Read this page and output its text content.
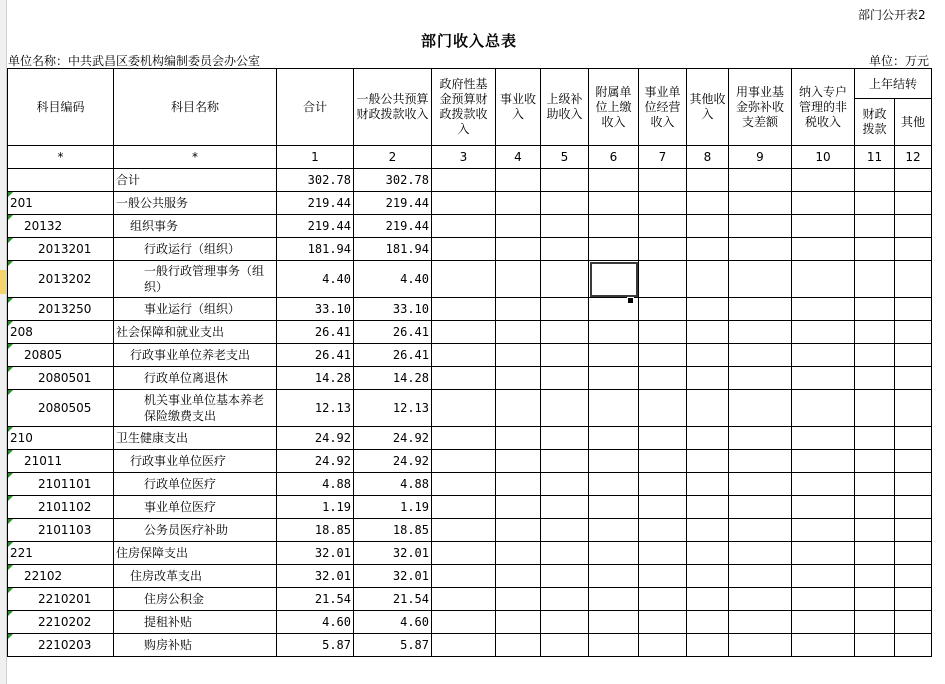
部门公开表2
部门收入总表
单位名称：中共武昌区委机构编制委员会办公室	单位：万元
科目编码	科目名称	合计	一般公共预算财政拨款收入	政府性基金预算财政拨款收入	事业收入	上级补助收入	附属单位上缴收入	事业单位经营收入	其他收入	用事业基金弥补收支差额	纳入专户管理的非税收入	上年结转	
												财政拨款	其他
*	*	1	2	3	4	5	6	7	8	9	10	11	12
	合计	302.78	302.78										
201	一般公共服务	219.44	219.44										
20132	组织事务	219.44	219.44										
2013201	行政运行（组织）	181.94	181.94										
2013202	一般行政管理事务（组织）	4.40	4.40										
2013250	事业运行（组织）	33.10	33.10										
208	社会保障和就业支出	26.41	26.41										
20805	行政事业单位养老支出	26.41	26.41										
2080501	行政单位离退休	14.28	14.28										
2080505	机关事业单位基本养老保险缴费支出	12.13	12.13										
210	卫生健康支出	24.92	24.92										
21011	行政事业单位医疗	24.92	24.92										
2101101	行政单位医疗	4.88	4.88										
2101102	事业单位医疗	1.19	1.19										
2101103	公务员医疗补助	18.85	18.85										
221	住房保障支出	32.01	32.01										
22102	住房改革支出	32.01	32.01										
2210201	住房公积金	21.54	21.54										
2210202	提租补贴	4.60	4.60										
2210203	购房补贴	5.87	5.87										
